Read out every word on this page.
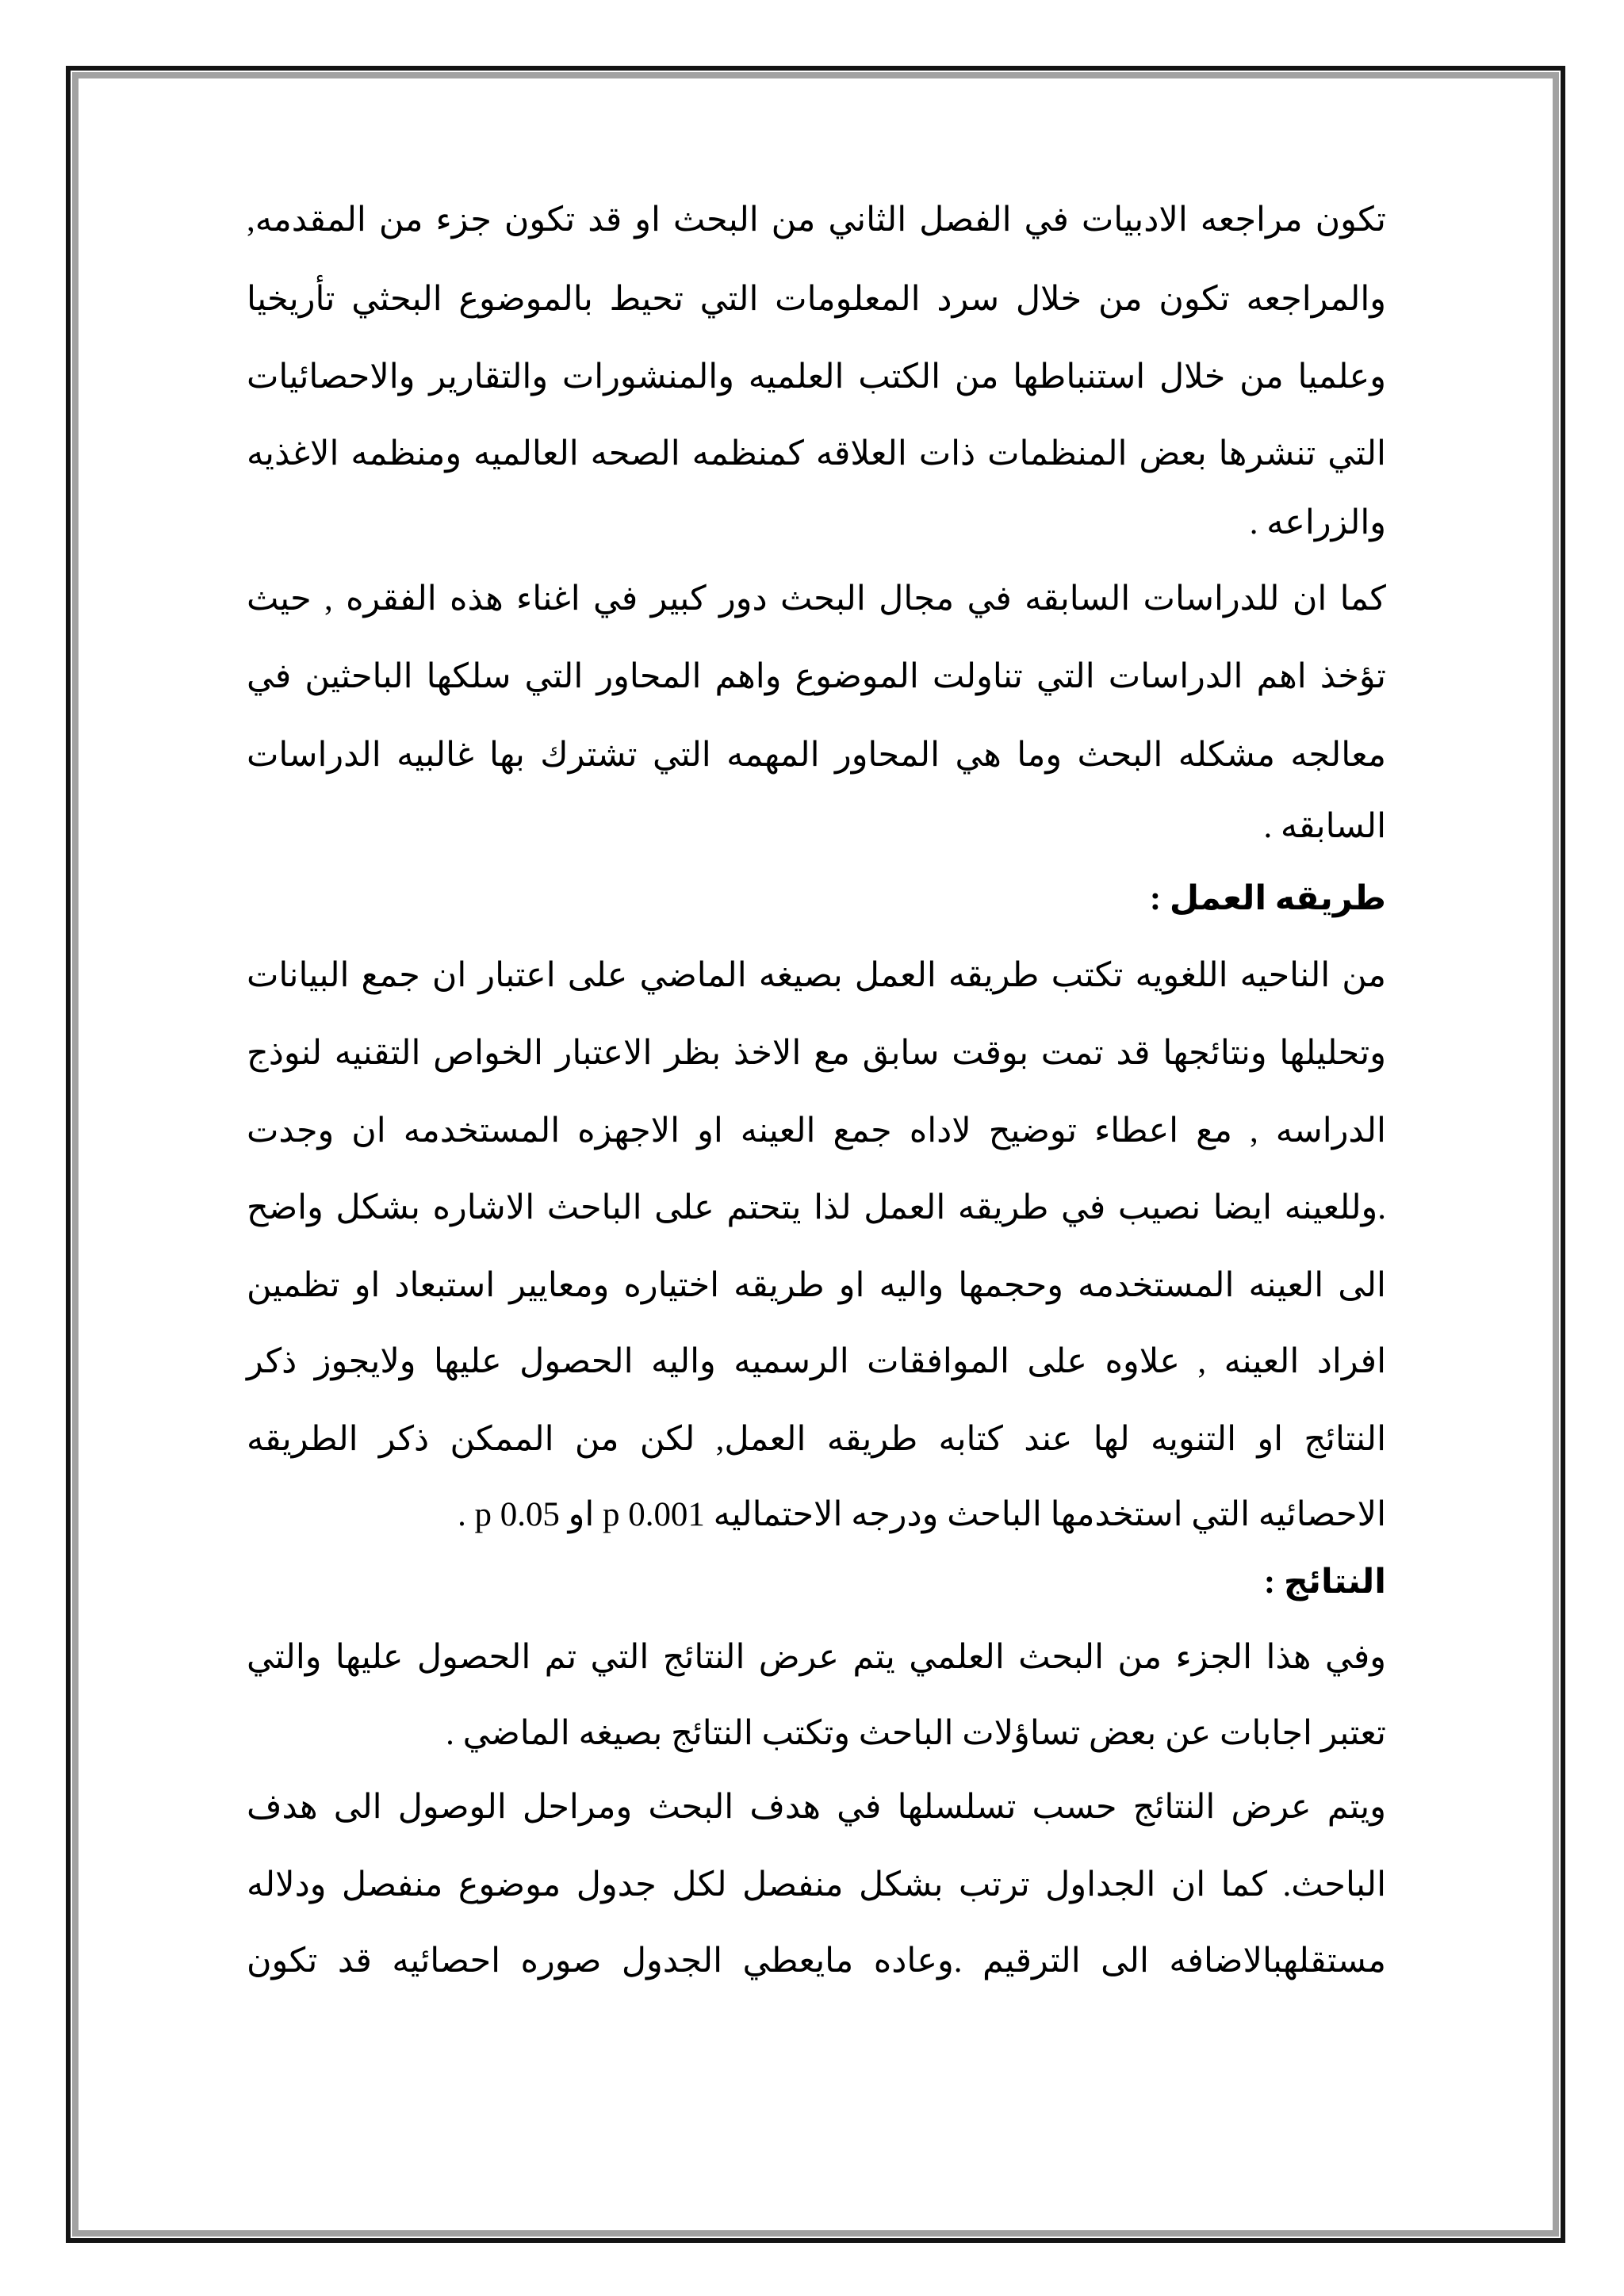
تكون مراجعه الادبيات في الفصل الثاني من البحث او قد تكون جزء من المقدمه,

والمراجعه تكون من خلال سرد المعلومات التي تحيط بالموضوع البحثي تأريخيا

وعلميا من خلال استنباطها من الكتب العلميه والمنشورات والتقارير والاحصائيات

التي تنشرها بعض المنظمات ذات العلاقه كمنظمه الصحه العالميه ومنظمه الاغذيه

والزراعه .

كما ان للدراسات السابقه في مجال البحث دور كبير في اغناء هذه الفقره , حيث

تؤخذ اهم الدراسات التي تناولت الموضوع واهم المحاور التي سلكها الباحثين في

معالجه مشكله البحث وما هي المحاور المهمه التي تشترك بها غالبيه الدراسات

السابقه .

طريقه العمل :

من الناحيه اللغويه تكتب طريقه العمل بصيغه الماضي على اعتبار ان جمع البيانات

وتحليلها ونتائجها قد تمت بوقت سابق مع الاخذ بظر الاعتبار الخواص التقنيه لنوذج

الدراسه , مع اعطاء توضيح لاداه جمع العينه او الاجهزه المستخدمه ان وجدت

.وللعينه ايضا نصيب في طريقه العمل لذا يتحتم على الباحث الاشاره بشكل واضح

الى العينه المستخدمه وحجمها واليه او طريقه اختياره ومعايير استبعاد او تظمين

افراد العينه , علاوه على الموافقات الرسميه واليه الحصول عليها ولايجوز ذكر

النتائج او التنويه لها عند كتابه طريقه العمل, لكن من الممكن ذكر الطريقه

الاحصائيه التي استخدمها الباحث ودرجه الاحتماليه p 0.001 او p 0.05 .

النتائج :

وفي هذا الجزء من البحث العلمي يتم عرض النتائج التي تم الحصول عليها والتي

تعتبر اجابات عن بعض تساؤلات الباحث وتكتب النتائج بصيغه الماضي .

ويتم عرض النتائج حسب تسلسلها في هدف البحث ومراحل الوصول الى هدف

الباحث. كما ان الجداول ترتب بشكل منفصل لكل جدول موضوع منفصل ودلاله

مستقلهبالاضافه الى الترقيم .وعاده مايعطي الجدول صوره احصائيه قد تكون
